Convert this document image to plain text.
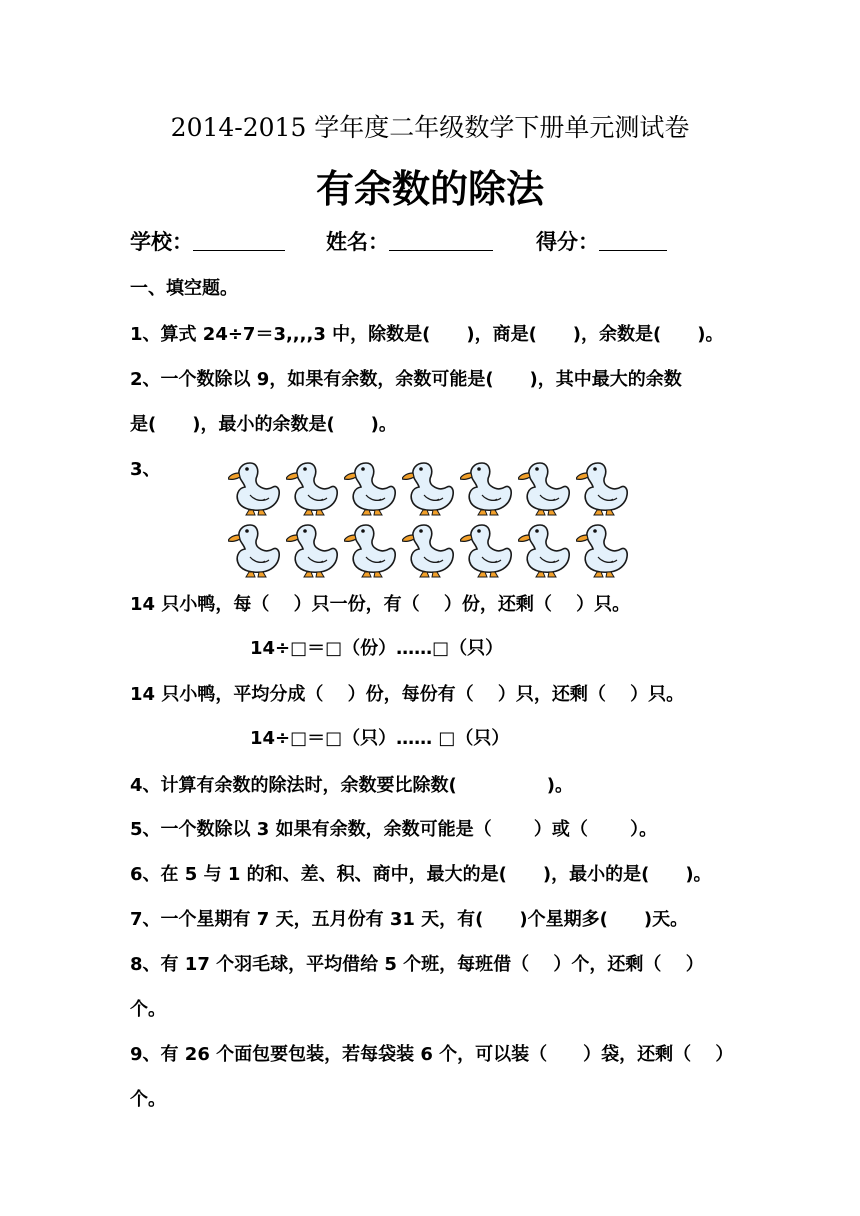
2014-2015 学年度二年级数学下册单元测试卷
有余数的除法
学校：	姓名：	得分：
一、填空题。
1、算式 24÷7＝3,,,,3 中，除数是(　　)，商是(　　)，余数是(　　)。
2、一个数除以 9，如果有余数，余数可能是(　　)，其中最大的余数
是(　　)，最小的余数是(　　)。
3、
14 只小鸭，每（　 ）只一份，有（　 ）份，还剩（　 ）只。
14÷□＝□（份）……□（只）
14 只小鸭，平均分成（　 ）份，每份有（　 ）只，还剩（　 ）只。
14÷□＝□（只）…… □（只）
4、计算有余数的除法时，余数要比除数(　　　　　)。
5、一个数除以 3 如果有余数，余数可能是（　　 ）或（　　 ）。
6、在 5 与 1 的和、差、积、商中，最大的是(　　)，最小的是(　　)。
7、一个星期有 7 天，五月份有 31 天，有(　　)个星期多(　　)天。
8、有 17 个羽毛球，平均借给 5 个班，每班借（　 ）个，还剩（　 ）
个。
9、有 26 个面包要包装，若每袋装 6 个，可以装（　　）袋，还剩（　 ）
个。
